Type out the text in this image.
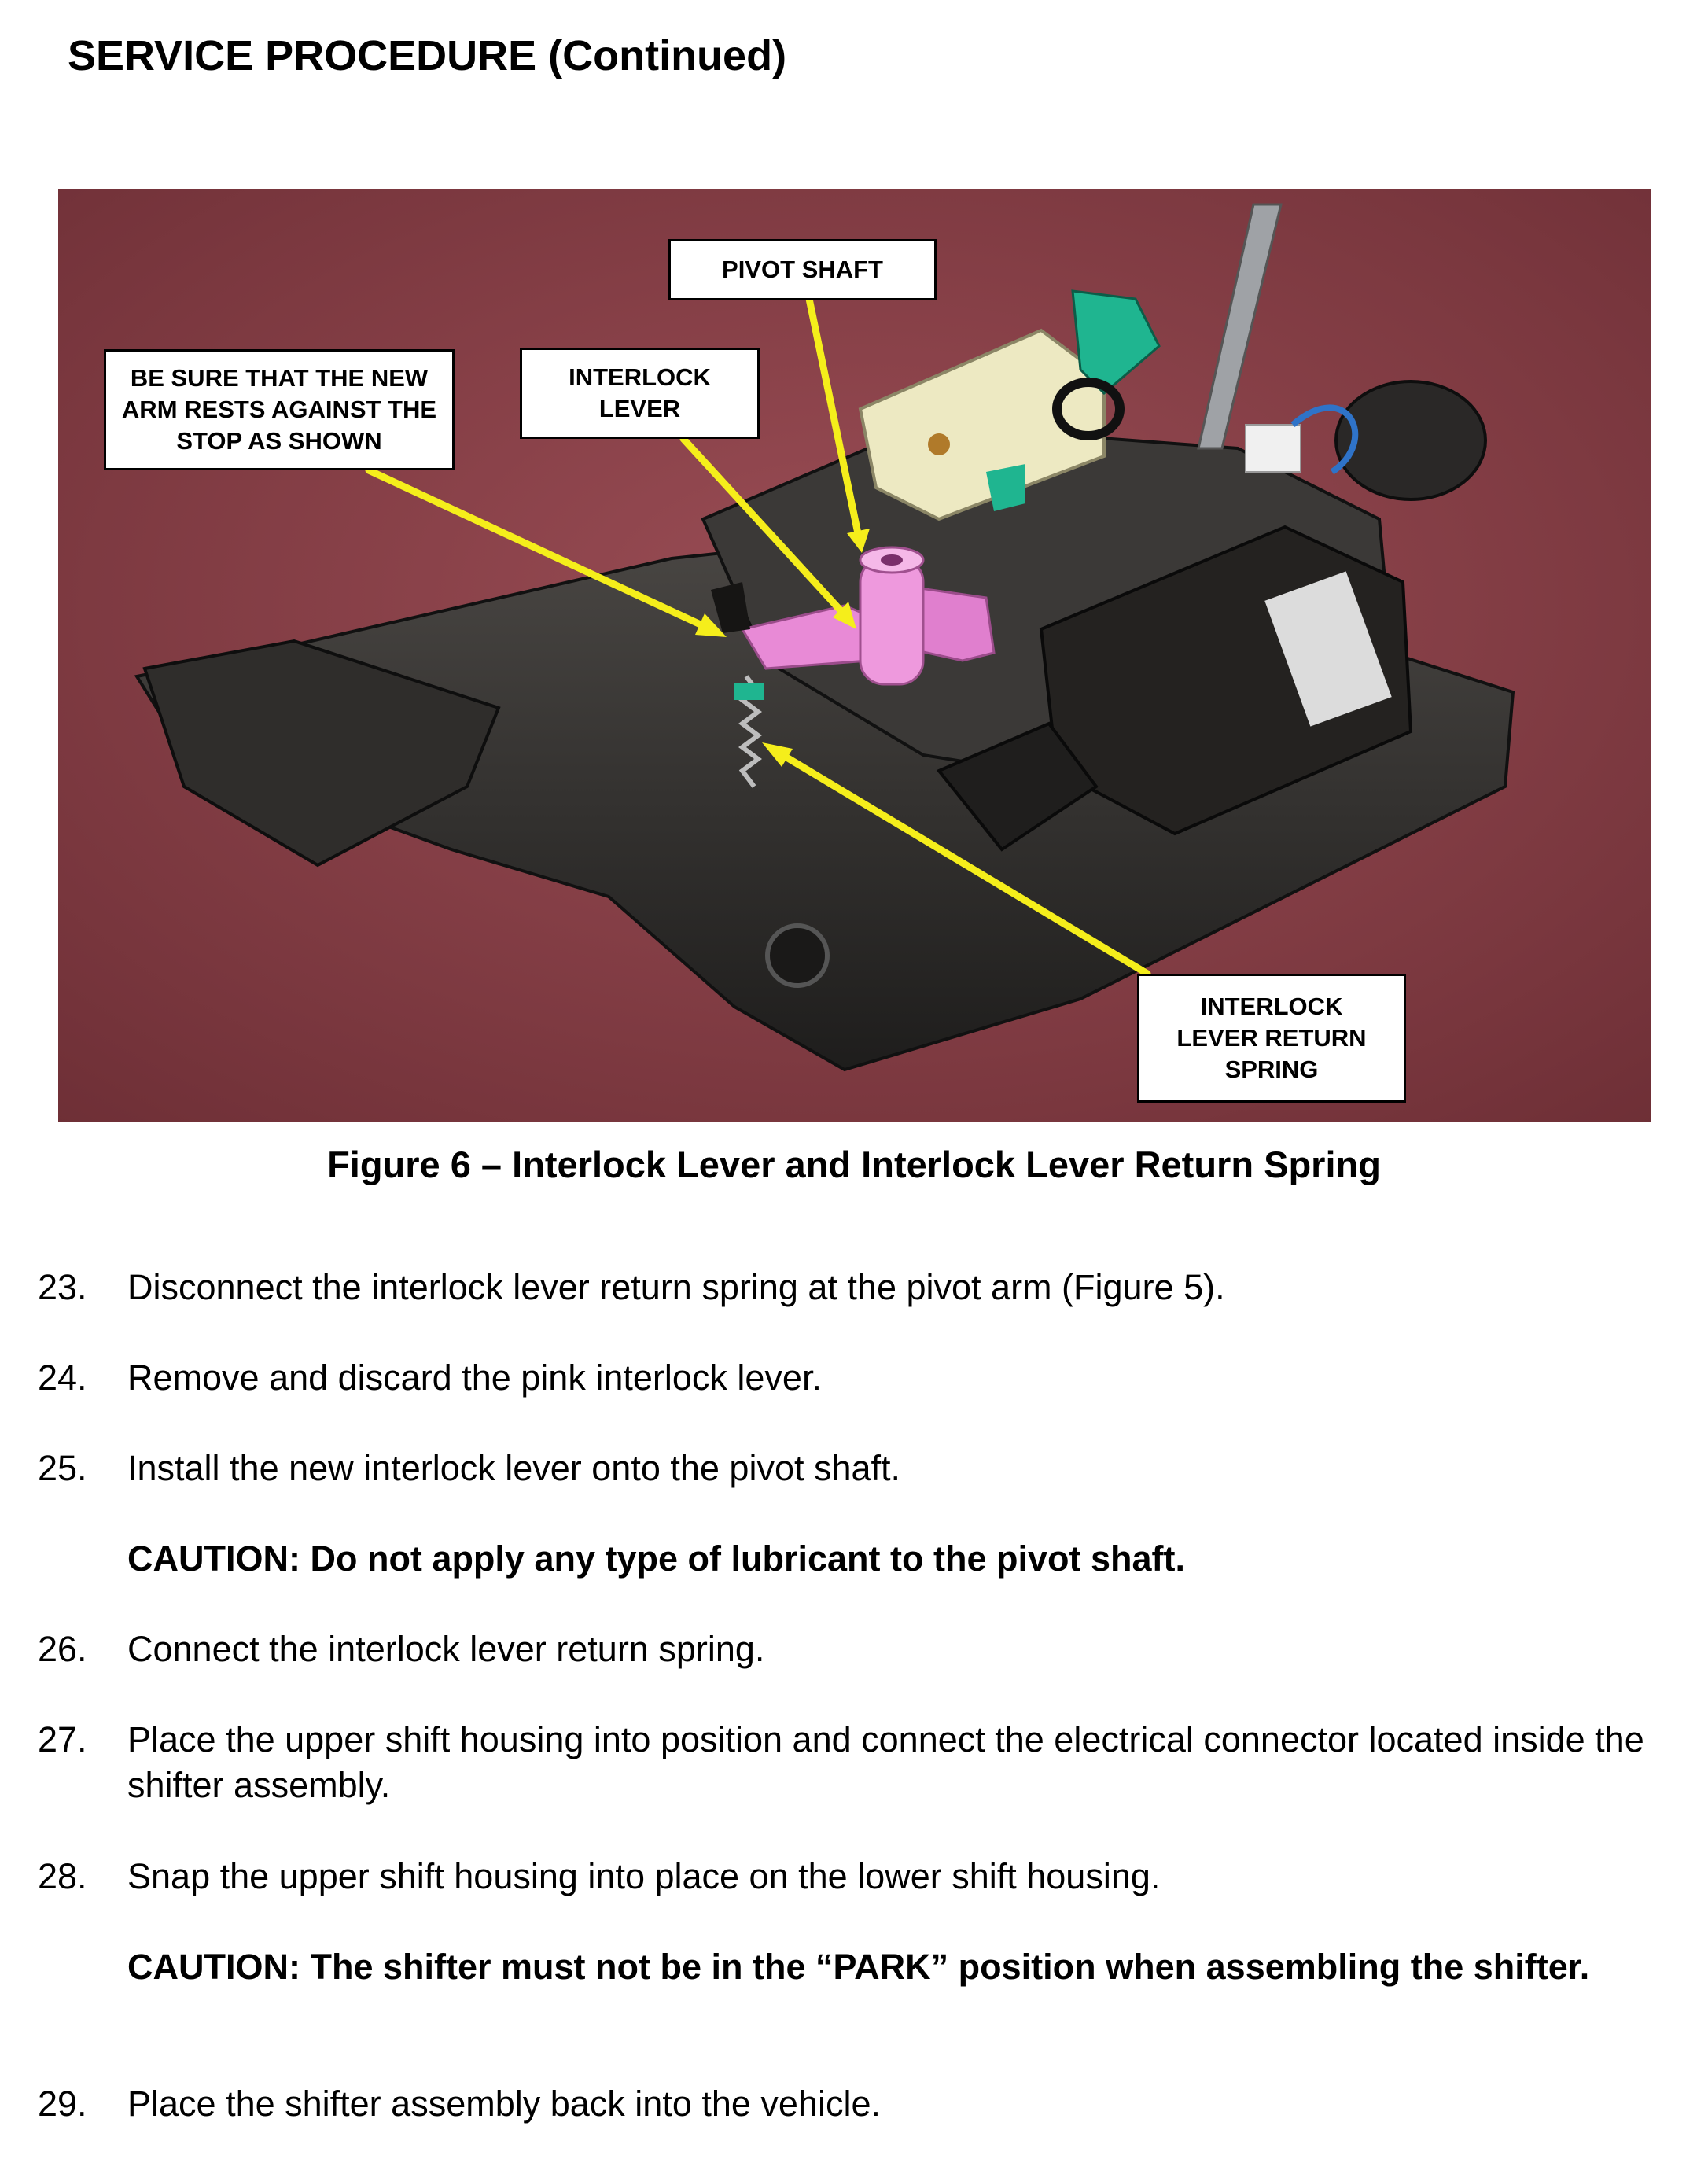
SERVICE PROCEDURE (Continued)
BE SURE THAT THE NEW
ARM RESTS AGAINST THE
STOP AS SHOWN
INTERLOCK
LEVER
PIVOT SHAFT
INTERLOCK
LEVER RETURN
SPRING
Figure 6 – Interlock Lever and Interlock Lever Return Spring
23.	Disconnect the interlock lever return spring at the pivot arm (Figure 5).
24.	Remove and discard the pink interlock lever.
25.	Install the new interlock lever onto the pivot shaft.
CAUTION: Do not apply any type of lubricant to the pivot shaft.
26.	Connect the interlock lever return spring.
27.	Place the upper shift housing into position and connect the electrical connector located inside the shifter assembly.
28.	Snap the upper shift housing into place on the lower shift housing.
CAUTION: The shifter must not be in the “PARK” position when assembling the shifter.
29.	Place the shifter assembly back into the vehicle.
